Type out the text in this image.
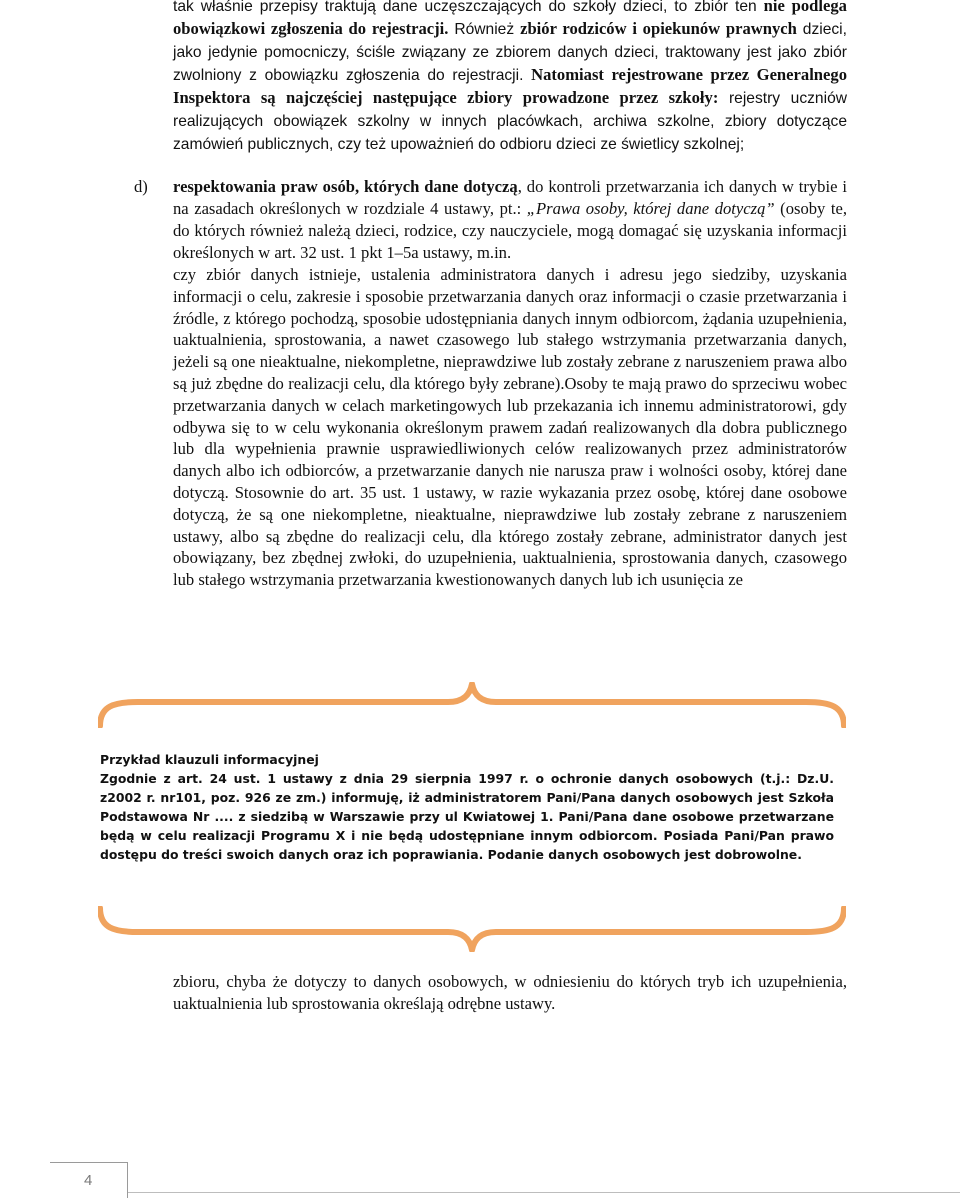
tak właśnie przepisy traktują dane uczęszczających do szkoły dzieci, to zbiór ten nie podlega obowiązkowi zgłoszenia do rejestracji. Również zbiór rodziców i opiekunów prawnych dzieci, jako jedynie pomocniczy, ściśle związany ze zbiorem danych dzieci, traktowany jest jako zbiór zwolniony z obowiązku zgłoszenia do rejestracji. Natomiast rejestrowane przez Generalnego Inspektora są najczęściej następujące zbiory prowadzone przez szkoły: rejestry uczniów realizujących obowiązek szkolny w innych placówkach, archiwa szkolne, zbiory dotyczące zamówień publicznych, czy też upoważnień do odbioru dzieci ze świetlicy szkolnej;
d) respektowania praw osób, których dane dotyczą, do kontroli przetwarzania ich danych w trybie i na zasadach określonych w rozdziale 4 ustawy, pt.: „Prawa osoby, której dane dotyczą” (osoby te, do których również należą dzieci, rodzice, czy nauczyciele, mogą domagać się uzyskania informacji określonych w art. 32 ust. 1 pkt 1–5a ustawy, m.in.
czy zbiór danych istnieje, ustalenia administratora danych i adresu jego siedziby, uzyskania informacji o celu, zakresie i sposobie przetwarzania danych oraz informacji o czasie przetwarzania i źródle, z którego pochodzą, sposobie udostępniania danych innym odbiorcom, żądania uzupełnienia, uaktualnienia, sprostowania, a nawet czasowego lub stałego wstrzymania przetwarzania danych, jeżeli są one nieaktualne, niekompletne, nieprawdziwe lub zostały zebrane z naruszeniem prawa albo są już zbędne do realizacji celu, dla którego były zebrane).Osoby te mają prawo do sprzeciwu wobec przetwarzania danych w celach marketingowych lub przekazania ich innemu administratorowi, gdy odbywa się to w celu wykonania określonym prawem zadań realizowanych dla dobra publicznego lub dla wypełnienia prawnie usprawiedliwionych celów realizowanych przez administratorów danych albo ich odbiorców, a przetwarzanie danych nie narusza praw i wolności osoby, której dane dotyczą. Stosownie do art. 35 ust. 1 ustawy, w razie wykazania przez osobę, której dane osobowe dotyczą, że są one niekompletne, nieaktualne, nieprawdziwe lub zostały zebrane z naruszeniem ustawy, albo są zbędne do realizacji celu, dla którego zostały zebrane, administrator danych jest obowiązany, bez zbędnej zwłoki, do uzupełnienia, uaktualnienia, sprostowania danych, czasowego lub stałego wstrzymania przetwarzania kwestionowanych danych lub ich usunięcia ze
Przykład klauzuli informacyjnej
Zgodnie z art. 24 ust. 1 ustawy z dnia 29 sierpnia 1997 r. o ochronie danych osobowych (t.j.: Dz.U. z2002 r. nr101, poz. 926 ze zm.) informuję, iż administratorem Pani/Pana danych osobowych jest Szkoła Podstawowa Nr .... z siedzibą w Warszawie przy ul Kwiatowej 1. Pani/Pana dane osobowe przetwarzane będą w celu realizacji Programu X i nie będą udostępniane innym odbiorcom. Posiada Pani/Pan prawo dostępu do treści swoich danych oraz ich poprawiania. Podanie danych osobowych jest dobrowolne.
zbioru, chyba że dotyczy to danych osobowych, w odniesieniu do których tryb ich uzupełnienia, uaktualnienia lub sprostowania określają odrębne ustawy.
4
